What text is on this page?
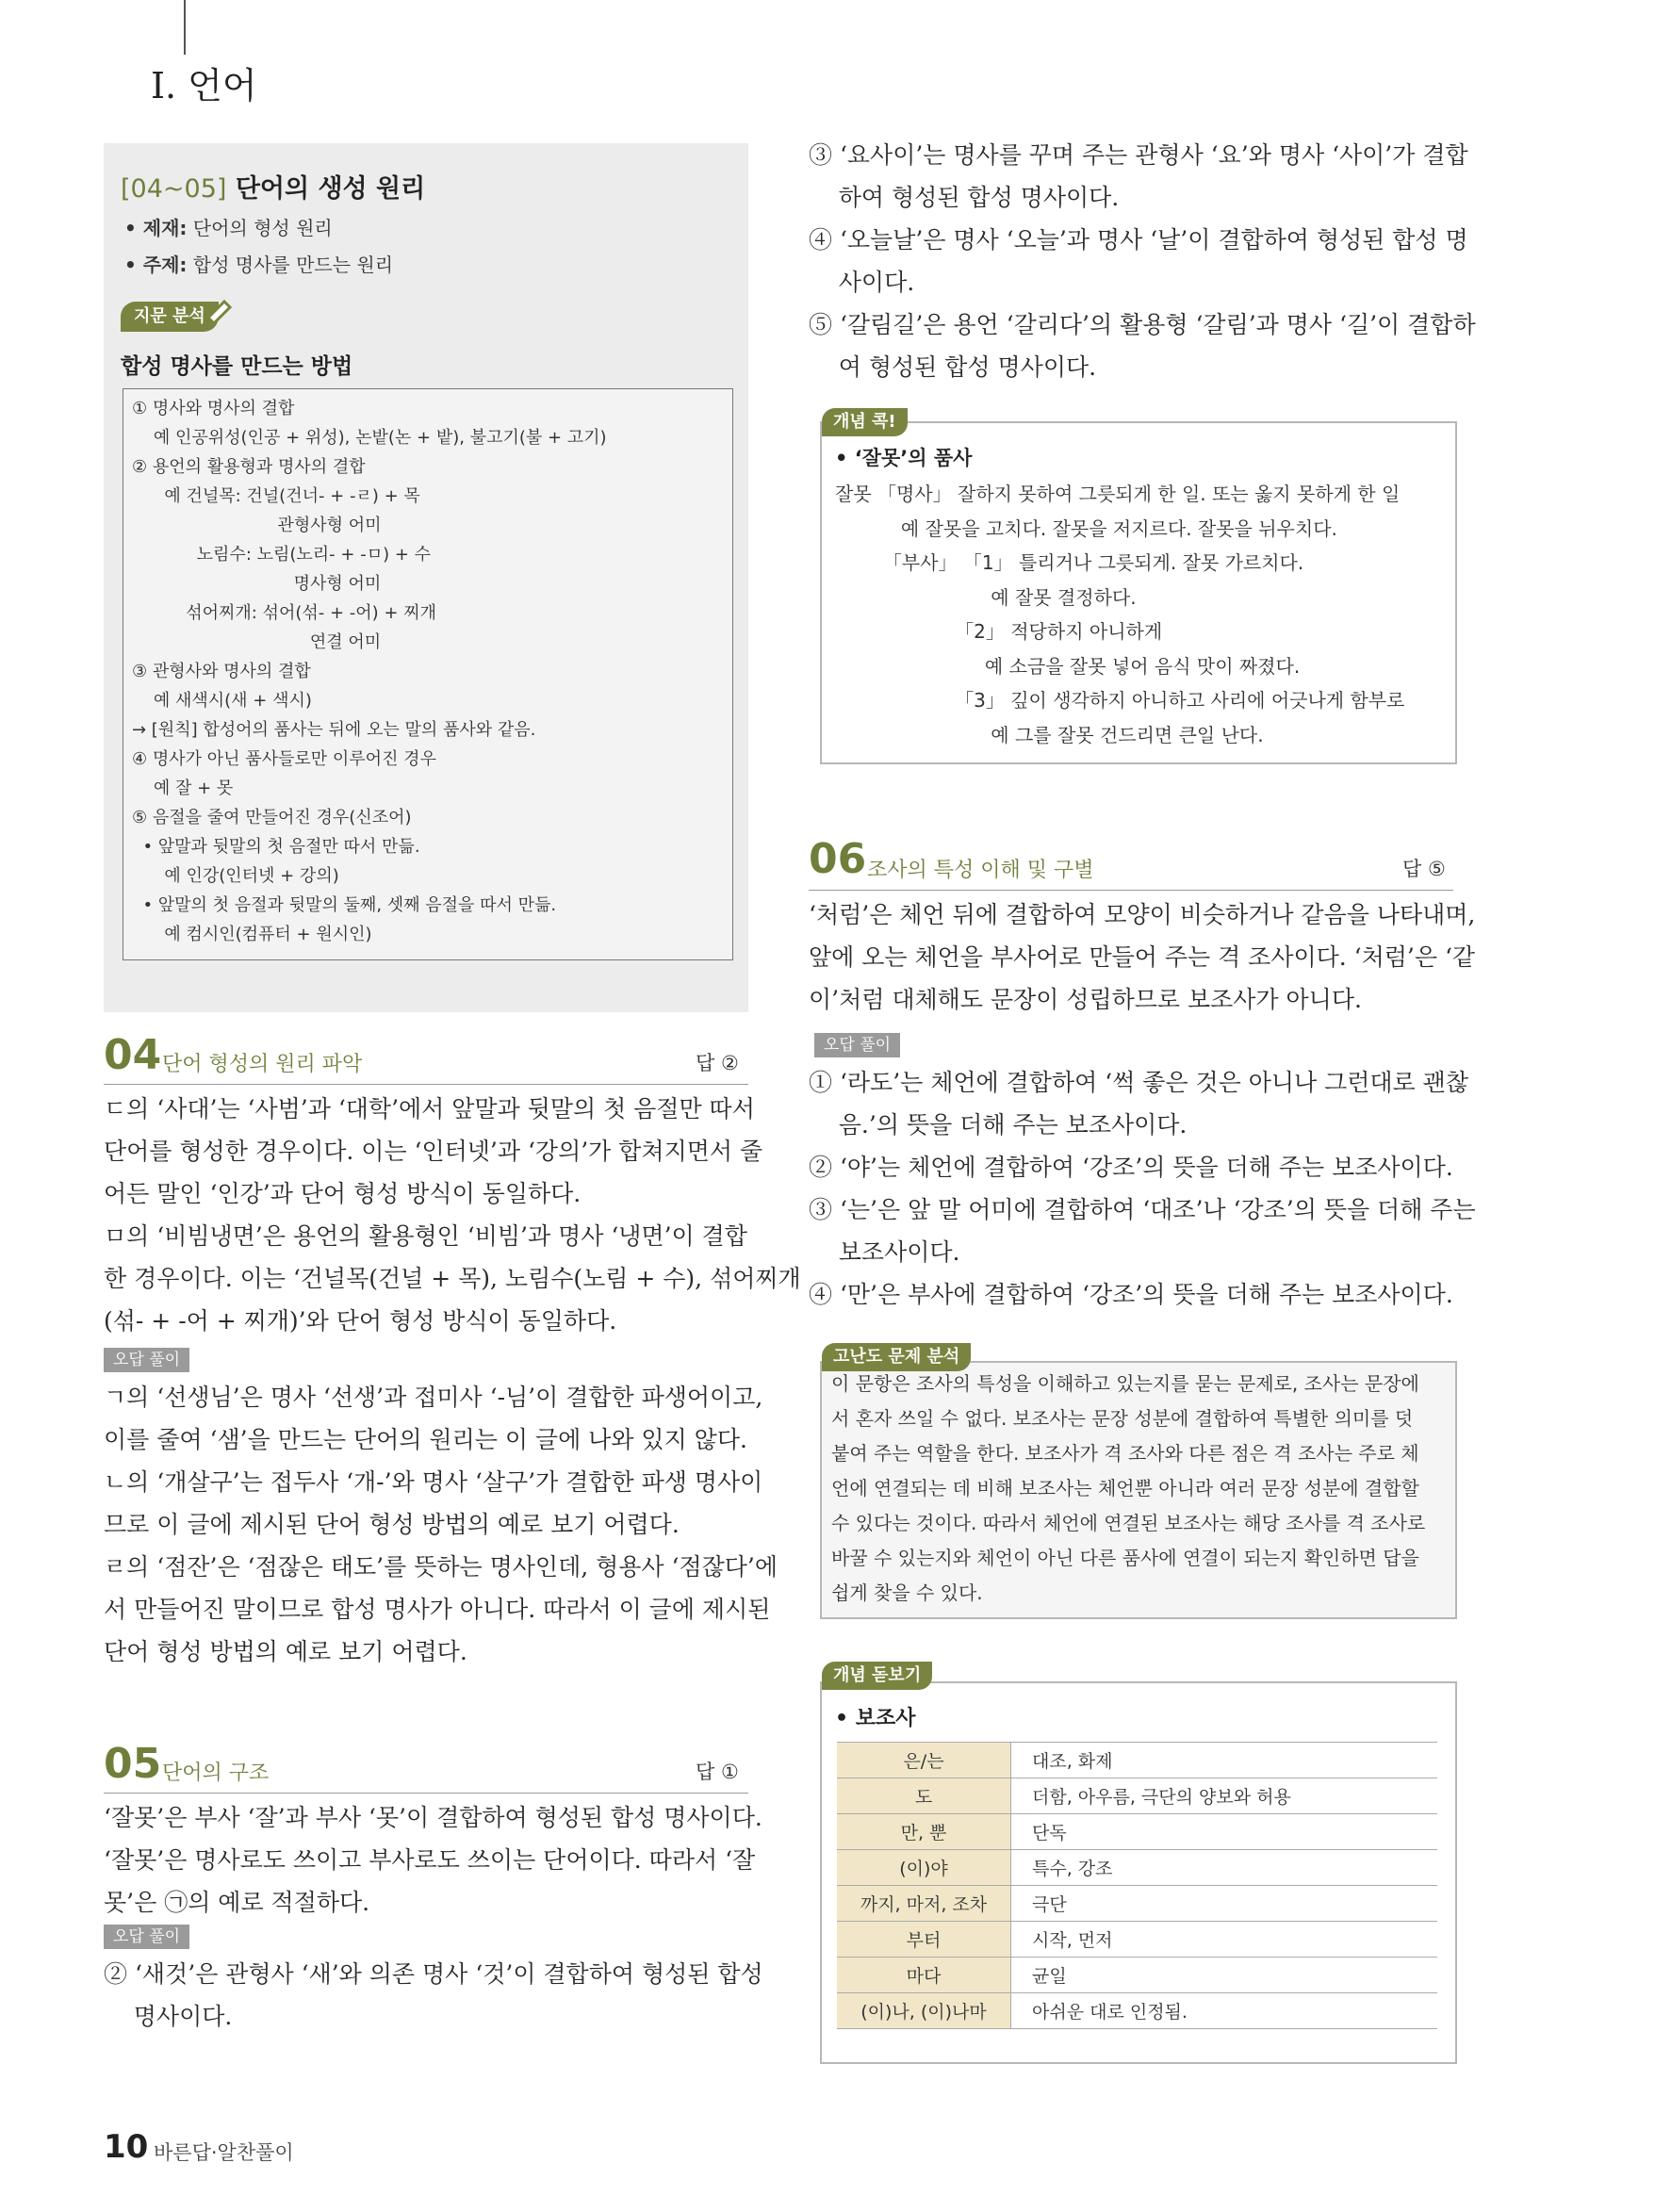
Ⅰ. 언어
[04~05] 단어의 생성 원리
• 제재: 단어의 형성 원리
• 주제: 합성 명사를 만드는 원리
지문 분석
합성 명사를 만드는 방법
① 명사와 명사의 결합
예 인공위성(인공 + 위성), 논밭(논 + 밭), 불고기(불 + 고기)
② 용언의 활용형과 명사의 결합
예 건널목: 건널(건너- + -ㄹ) + 목
관형사형 어미
노림수: 노림(노리- + -ㅁ) + 수
명사형 어미
섞어찌개: 섞어(섞- + -어) + 찌개
연결 어미
③ 관형사와 명사의 결합
예 새색시(새 + 색시)
→ [원칙] 합성어의 품사는 뒤에 오는 말의 품사와 같음.
④ 명사가 아닌 품사들로만 이루어진 경우
예 잘 + 못
⑤ 음절을 줄여 만들어진 경우(신조어)
• 앞말과 뒷말의 첫 음절만 따서 만듦.
예 인강(인터넷 + 강의)
• 앞말의 첫 음절과 뒷말의 둘째, 셋째 음절을 따서 만듦.
예 컴시인(컴퓨터 + 원시인)
04 단어 형성의 원리 파악	답 ②
ㄷ의 ‘사대’는 ‘사범’과 ‘대학’에서 앞말과 뒷말의 첫 음절만 따서
단어를 형성한 경우이다. 이는 ‘인터넷’과 ‘강의’가 합쳐지면서 줄
어든 말인 ‘인강’과 단어 형성 방식이 동일하다.
ㅁ의 ‘비빔냉면’은 용언의 활용형인 ‘비빔’과 명사 ‘냉면’이 결합
한 경우이다. 이는 ‘건널목(건널 + 목), 노림수(노림 + 수), 섞어찌개
(섞- + -어 + 찌개)’와 단어 형성 방식이 동일하다.
오답 풀이
ㄱ의 ‘선생님’은 명사 ‘선생’과 접미사 ‘-님’이 결합한 파생어이고,
이를 줄여 ‘샘’을 만드는 단어의 원리는 이 글에 나와 있지 않다.
ㄴ의 ‘개살구’는 접두사 ‘개-’와 명사 ‘살구’가 결합한 파생 명사이
므로 이 글에 제시된 단어 형성 방법의 예로 보기 어렵다.
ㄹ의 ‘점잔’은 ‘점잖은 태도’를 뜻하는 명사인데, 형용사 ‘점잖다’에
서 만들어진 말이므로 합성 명사가 아니다. 따라서 이 글에 제시된
단어 형성 방법의 예로 보기 어렵다.
05 단어의 구조	답 ①
‘잘못’은 부사 ‘잘’과 부사 ‘못’이 결합하여 형성된 합성 명사이다.
‘잘못’은 명사로도 쓰이고 부사로도 쓰이는 단어이다. 따라서 ‘잘
못’은 ㉠의 예로 적절하다.
오답 풀이
② ‘새것’은 관형사 ‘새’와 의존 명사 ‘것’이 결합하여 형성된 합성
명사이다.
③ ‘요사이’는 명사를 꾸며 주는 관형사 ‘요’와 명사 ‘사이’가 결합
하여 형성된 합성 명사이다.
④ ‘오늘날’은 명사 ‘오늘’과 명사 ‘날’이 결합하여 형성된 합성 명
사이다.
⑤ ‘갈림길’은 용언 ‘갈리다’의 활용형 ‘갈림’과 명사 ‘길’이 결합하
여 형성된 합성 명사이다.
개념 콕!
• ‘잘못’의 품사
잘못 「명사」 잘하지 못하여 그릇되게 한 일. 또는 옳지 못하게 한 일
예 잘못을 고치다. 잘못을 저지르다. 잘못을 뉘우치다.
「부사」 「1」 틀리거나 그릇되게. 잘못 가르치다.
예 잘못 결정하다.
「2」 적당하지 아니하게
예 소금을 잘못 넣어 음식 맛이 짜졌다.
「3」 깊이 생각하지 아니하고 사리에 어긋나게 함부로
예 그를 잘못 건드리면 큰일 난다.
06 조사의 특성 이해 및 구별	답 ⑤
‘처럼’은 체언 뒤에 결합하여 모양이 비슷하거나 같음을 나타내며,
앞에 오는 체언을 부사어로 만들어 주는 격 조사이다. ‘처럼’은 ‘같
이’처럼 대체해도 문장이 성립하므로 보조사가 아니다.
오답 풀이
① ‘라도’는 체언에 결합하여 ‘썩 좋은 것은 아니나 그런대로 괜찮
음.’의 뜻을 더해 주는 보조사이다.
② ‘야’는 체언에 결합하여 ‘강조’의 뜻을 더해 주는 보조사이다.
③ ‘는’은 앞 말 어미에 결합하여 ‘대조’나 ‘강조’의 뜻을 더해 주는
보조사이다.
④ ‘만’은 부사에 결합하여 ‘강조’의 뜻을 더해 주는 보조사이다.
고난도 문제 분석
이 문항은 조사의 특성을 이해하고 있는지를 묻는 문제로, 조사는 문장에
서 혼자 쓰일 수 없다. 보조사는 문장 성분에 결합하여 특별한 의미를 덧
붙여 주는 역할을 한다. 보조사가 격 조사와 다른 점은 격 조사는 주로 체
언에 연결되는 데 비해 보조사는 체언뿐 아니라 여러 문장 성분에 결합할
수 있다는 것이다. 따라서 체언에 연결된 보조사는 해당 조사를 격 조사로
바꿀 수 있는지와 체언이 아닌 다른 품사에 연결이 되는지 확인하면 답을
쉽게 찾을 수 있다.
개념 돋보기
• 보조사
은/는	대조, 화제
도	더함, 아우름, 극단의 양보와 허용
만, 뿐	단독
(이)야	특수, 강조
까지, 마저, 조차	극단
부터	시작, 먼저
마다	균일
(이)나, (이)나마	아쉬운 대로 인정됨.
10 바른답·알찬풀이
